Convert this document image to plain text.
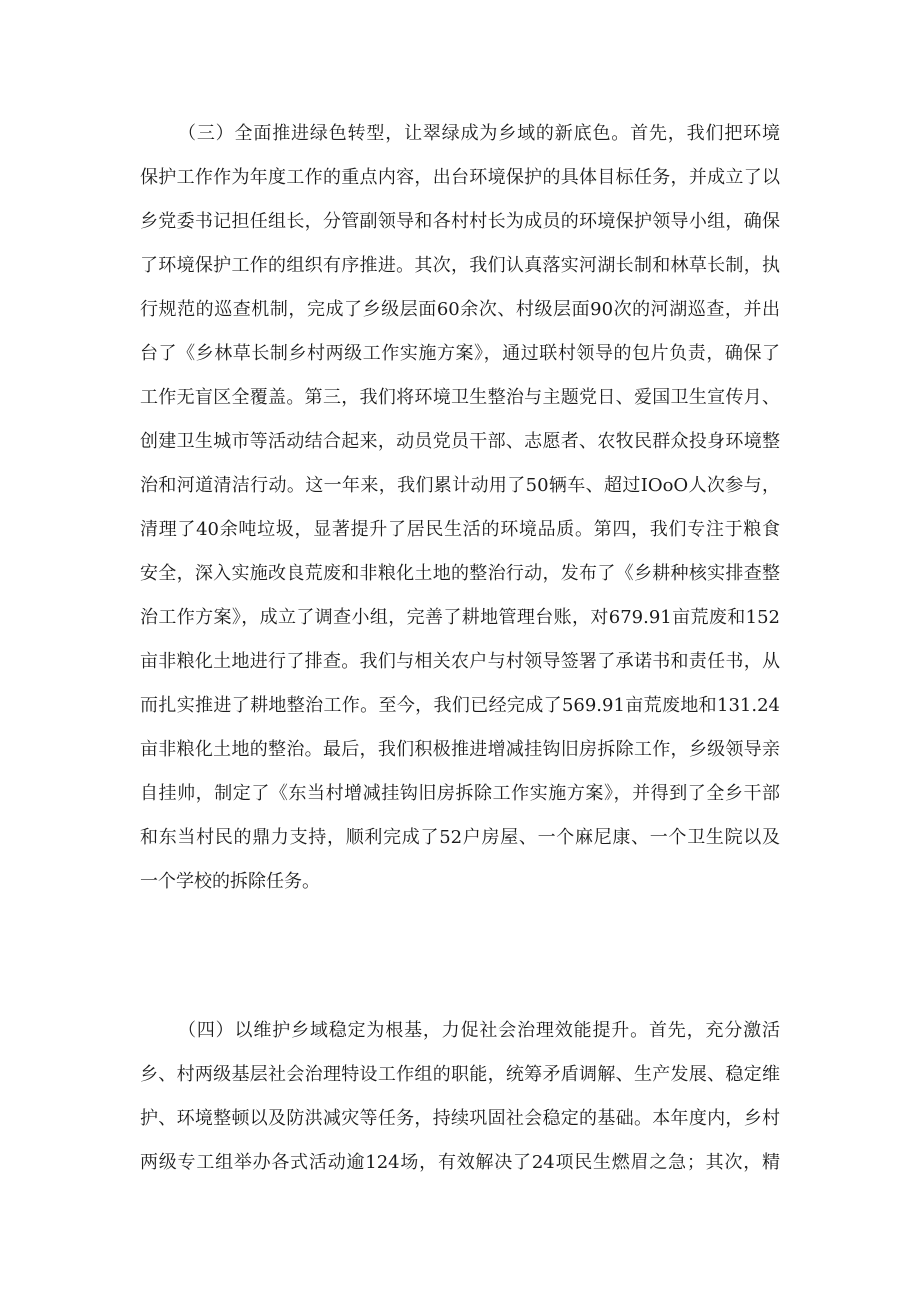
（三）全面推进绿色转型，让翠绿成为乡域的新底色。首先，我们把环境
保护工作作为年度工作的重点内容，出台环境保护的具体目标任务，并成立了以
乡党委书记担任组长，分管副领导和各村村长为成员的环境保护领导小组，确保
了环境保护工作的组织有序推进。其次，我们认真落实河湖长制和林草长制，执
行规范的巡查机制，完成了乡级层面60余次、村级层面90次的河湖巡查，并出
台了《乡林草长制乡村两级工作实施方案》，通过联村领导的包片负责，确保了
工作无盲区全覆盖。第三，我们将环境卫生整治与主题党日、爱国卫生宣传月、
创建卫生城市等活动结合起来，动员党员干部、志愿者、农牧民群众投身环境整
治和河道清洁行动。这一年来，我们累计动用了50辆车、超过IOoO人次参与，
清理了40余吨垃圾，显著提升了居民生活的环境品质。第四，我们专注于粮食
安全，深入实施改良荒废和非粮化土地的整治行动，发布了《乡耕种核实排查整
治工作方案》，成立了调查小组，完善了耕地管理台账，对679.91亩荒废和152
亩非粮化土地进行了排查。我们与相关农户与村领导签署了承诺书和责任书，从
而扎实推进了耕地整治工作。至今，我们已经完成了569.91亩荒废地和131.24
亩非粮化土地的整治。最后，我们积极推进增减挂钩旧房拆除工作，乡级领导亲
自挂帅，制定了《东当村增减挂钩旧房拆除工作实施方案》，并得到了全乡干部
和东当村民的鼎力支持，顺利完成了52户房屋、一个麻尼康、一个卫生院以及
一个学校的拆除任务。
（四）以维护乡域稳定为根基，力促社会治理效能提升。首先，充分激活
乡、村两级基层社会治理特设工作组的职能，统筹矛盾调解、生产发展、稳定维
护、环境整顿以及防洪减灾等任务，持续巩固社会稳定的基础。本年度内，乡村
两级专工组举办各式活动逾124场，有效解决了24项民生燃眉之急；其次，精
